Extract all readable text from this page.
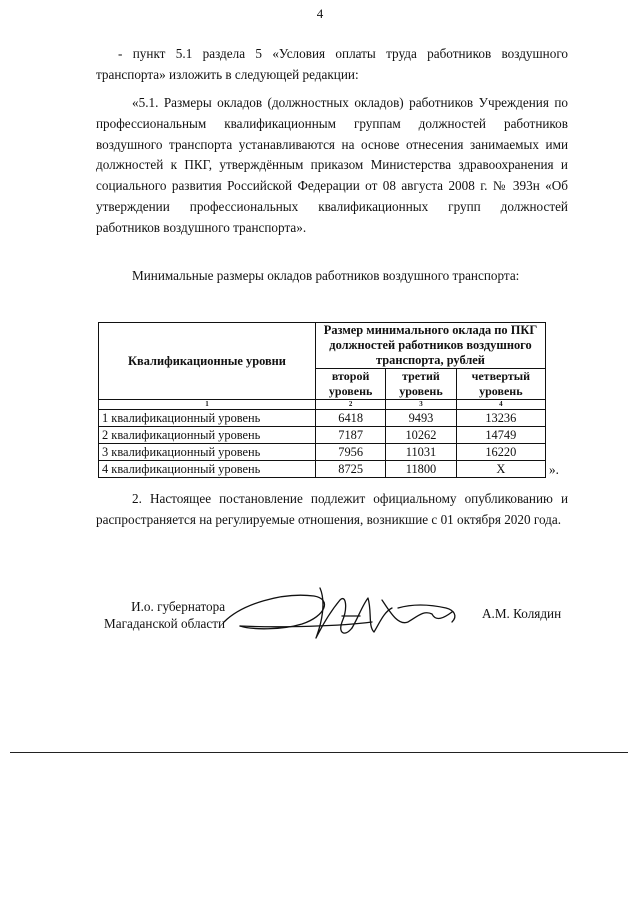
4

- пункт 5.1 раздела 5 «Условия оплаты труда работников воздушного транспорта» изложить в следующей редакции:

«5.1. Размеры окладов (должностных окладов) работников Учреждения по профессиональным квалификационным группам должностей работников воздушного транспорта устанавливаются на основе отнесения занимаемых ими должностей к ПКГ, утверждённым приказом Министерства здравоохранения и социального развития Российской Федерации от 08 августа 2008 г. № 393н «Об утверждении профессиональных квалификационных групп должностей работников воздушного транспорта».

Минимальные размеры окладов работников воздушного транспорта:

Квалификационные уровни	Размер минимального оклада по ПКГ должностей работников воздушного транспорта, рублей		
	второй уровень	третий уровень	четвертый уровень
1	2	3	4
1 квалификационный уровень	6418	9493	13236
2 квалификационный уровень	7187	10262	14749
3 квалификационный уровень	7956	11031	16220
4 квалификационный уровень	8725	11800	X	».

2. Настоящее постановление подлежит официальному опубликованию и распространяется на регулируемые отношения, возникшие с 01 октября 2020 года.

И.о. губернатора
Магаданской области
А.М. Колядин
